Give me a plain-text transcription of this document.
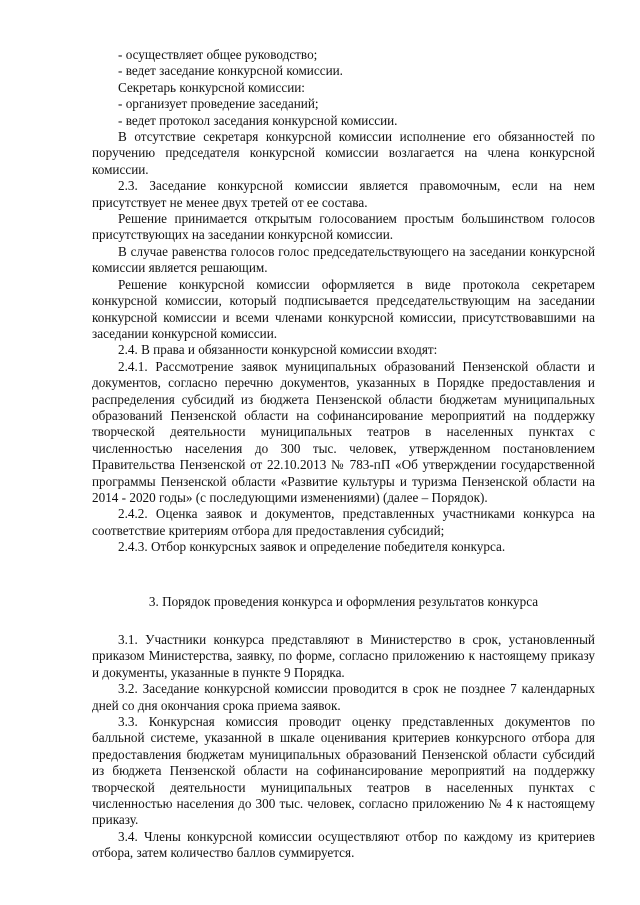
- осуществляет общее руководство;

- ведет заседание конкурсной комиссии.

Секретарь конкурсной комиссии:

- организует проведение заседаний;

- ведет протокол заседания конкурсной комиссии.

В отсутствие секретаря конкурсной комиссии исполнение его обязанностей по поручению председателя конкурсной комиссии возлагается на члена конкурсной комиссии.

2.3. Заседание конкурсной комиссии является правомочным, если на нем присутствует не менее двух третей от ее состава.

Решение принимается открытым голосованием простым большинством голосов присутствующих на заседании конкурсной комиссии.

В случае равенства голосов голос председательствующего на заседании конкурсной комиссии является решающим.

Решение конкурсной комиссии оформляется в виде протокола секретарем конкурсной комиссии, который подписывается председательствующим на заседании конкурсной комиссии и всеми членами конкурсной комиссии, присутствовавшими на заседании конкурсной комиссии.

2.4. В права и обязанности конкурсной комиссии входят:

2.4.1. Рассмотрение заявок муниципальных образований Пензенской области и документов, согласно перечню документов, указанных в Порядке предоставления и распределения субсидий из бюджета Пензенской области бюджетам муниципальных образований Пензенской области на софинансирование мероприятий на поддержку творческой деятельности муниципальных театров в населенных пунктах с численностью населения до 300 тыс. человек, утвержденном постановлением Правительства Пензенской от 22.10.2013 № 783-пП «Об утверждении государственной программы Пензенской области «Развитие культуры и туризма Пензенской области на 2014 - 2020 годы» (с последующими изменениями) (далее – Порядок).

2.4.2. Оценка заявок и документов, представленных участниками конкурса на соответствие критериям отбора для предоставления субсидий;

2.4.3. Отбор конкурсных заявок и определение победителя конкурса.

3. Порядок проведения конкурса и оформления результатов конкурса

3.1. Участники конкурса представляют в Министерство в срок, установленный приказом Министерства, заявку, по форме, согласно приложению к настоящему приказу и документы, указанные в пункте 9 Порядка.

3.2. Заседание конкурсной комиссии проводится в срок не позднее 7 календарных дней со дня окончания срока приема заявок.

3.3. Конкурсная комиссия проводит оценку представленных документов по балльной системе, указанной в шкале оценивания критериев конкурсного отбора для предоставления бюджетам муниципальных образований Пензенской области субсидий из бюджета Пензенской области на софинансирование мероприятий на поддержку творческой деятельности муниципальных театров в населенных пунктах с численностью населения до 300 тыс. человек, согласно приложению № 4 к настоящему приказу.

3.4. Члены конкурсной комиссии осуществляют отбор по каждому из критериев отбора, затем количество баллов суммируется.
